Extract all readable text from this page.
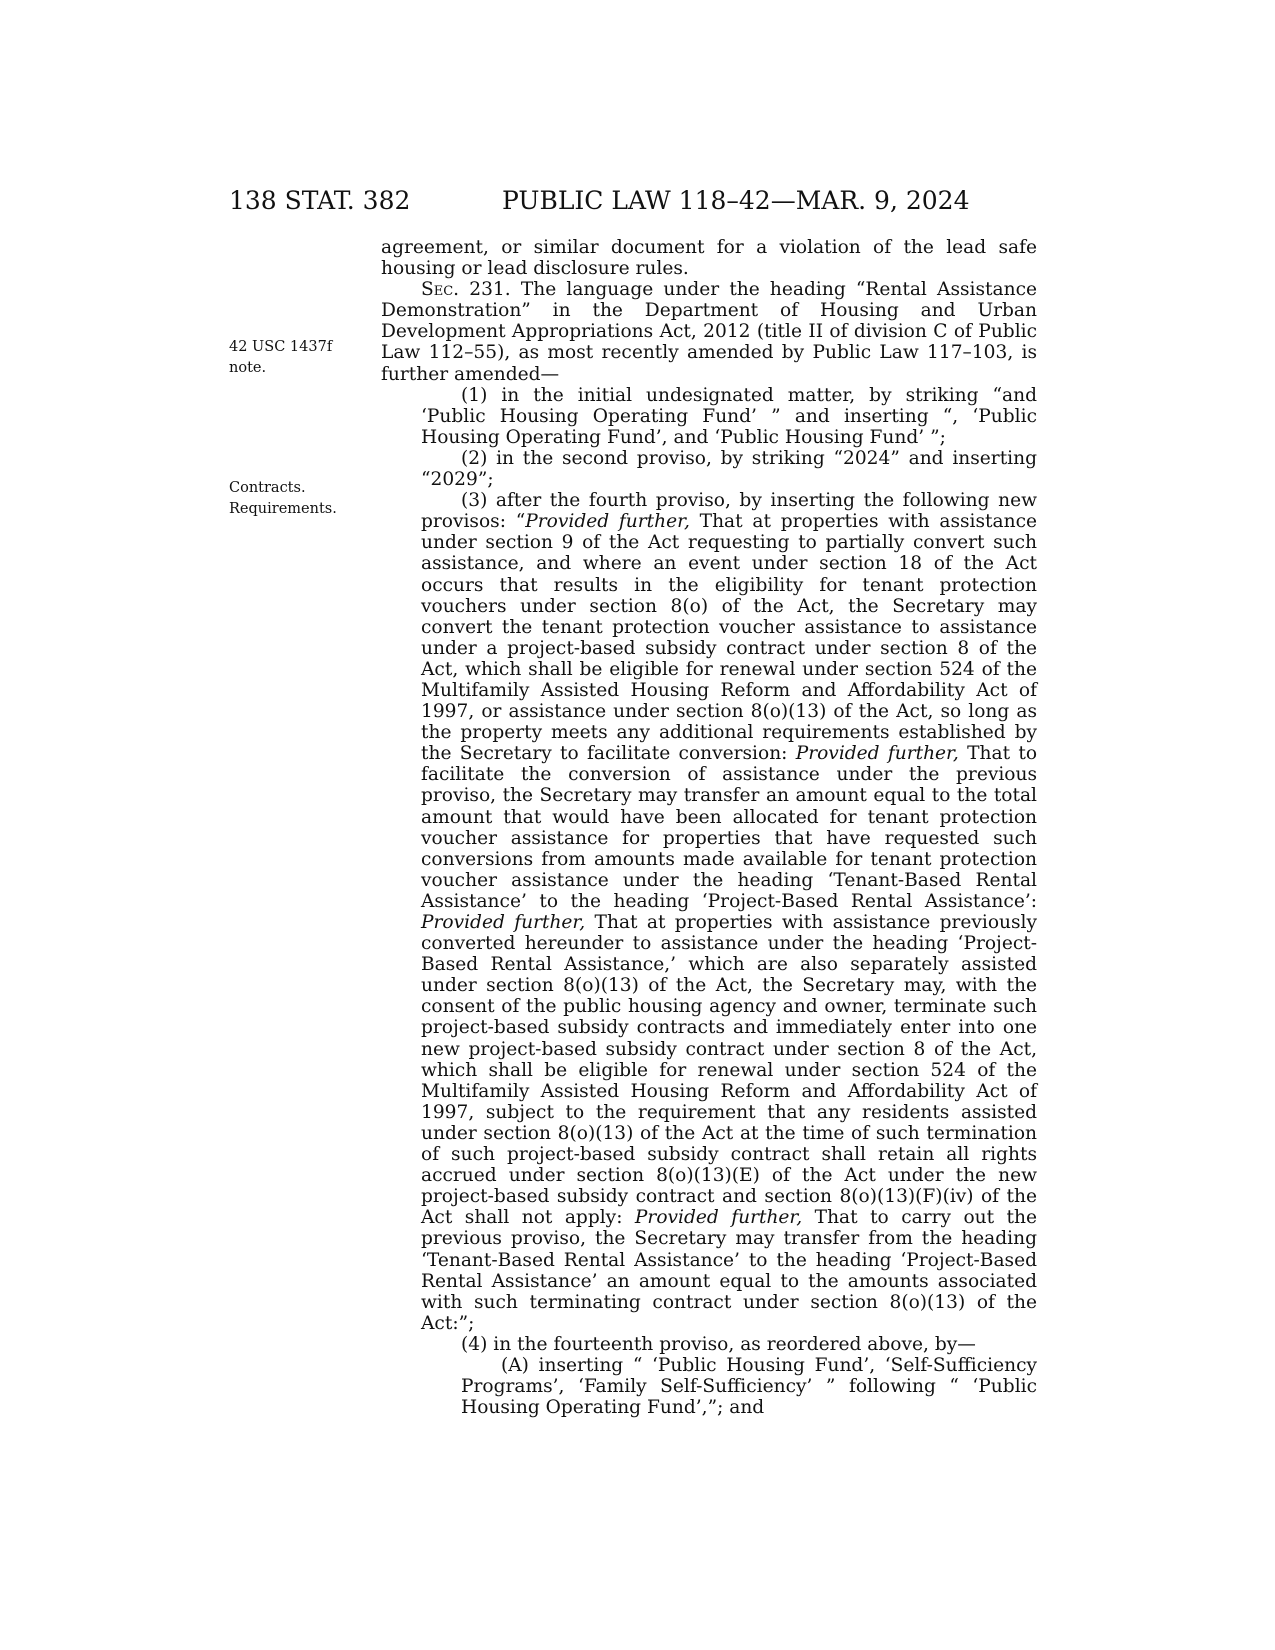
138 STAT. 382	PUBLIC LAW 118–42—MAR. 9, 2024
42 USC 1437f
note.
Contracts.
Requirements.

agreement, or similar document for a violation of the lead safe housing or lead disclosure rules.

Sec. 231. The language under the heading “Rental Assistance Demonstration” in the Department of Housing and Urban Development Appropriations Act, 2012 (title II of division C of Public Law 112–55), as most recently amended by Public Law 117–103, is further amended—

(1) in the initial undesignated matter, by striking “and ‘Public Housing Operating Fund’ ” and inserting “, ‘Public Housing Operating Fund’, and ‘Public Housing Fund’ ”;

(2) in the second proviso, by striking “2024” and inserting “2029”;

(3) after the fourth proviso, by inserting the following new provisos: “Provided further, That at properties with assistance under section 9 of the Act requesting to partially convert such assistance, and where an event under section 18 of the Act occurs that results in the eligibility for tenant protection vouchers under section 8(o) of the Act, the Secretary may convert the tenant protection voucher assistance to assistance under a project-based subsidy contract under section 8 of the Act, which shall be eligible for renewal under section 524 of the Multifamily Assisted Housing Reform and Affordability Act of 1997, or assistance under section 8(o)(13) of the Act, so long as the property meets any additional requirements established by the Secretary to facilitate conversion: Provided further, That to facilitate the conversion of assistance under the previous proviso, the Secretary may transfer an amount equal to the total amount that would have been allocated for tenant protection voucher assistance for properties that have requested such conversions from amounts made available for tenant protection voucher assistance under the heading ‘Tenant-Based Rental Assistance’ to the heading ‘Project-Based Rental Assistance’: Provided further, That at properties with assistance previously converted hereunder to assistance under the heading ‘Project-Based Rental Assistance,’ which are also separately assisted under section 8(o)(13) of the Act, the Secretary may, with the consent of the public housing agency and owner, terminate such project-based subsidy contracts and immediately enter into one new project-based subsidy contract under section 8 of the Act, which shall be eligible for renewal under section 524 of the Multifamily Assisted Housing Reform and Affordability Act of 1997, subject to the requirement that any residents assisted under section 8(o)(13) of the Act at the time of such termination of such project-based subsidy contract shall retain all rights accrued under section 8(o)(13)(E) of the Act under the new project-based subsidy contract and section 8(o)(13)(F)(iv) of the Act shall not apply: Provided further, That to carry out the previous proviso, the Secretary may transfer from the heading ‘Tenant-Based Rental Assistance’ to the heading ‘Project-Based Rental Assistance’ an amount equal to the amounts associated with such terminating contract under section 8(o)(13) of the Act:”;

(4) in the fourteenth proviso, as reordered above, by—

(A) inserting “ ‘Public Housing Fund’, ‘Self-Sufficiency Programs’, ‘Family Self-Sufficiency’ ” following “ ‘Public Housing Operating Fund’,”; and
